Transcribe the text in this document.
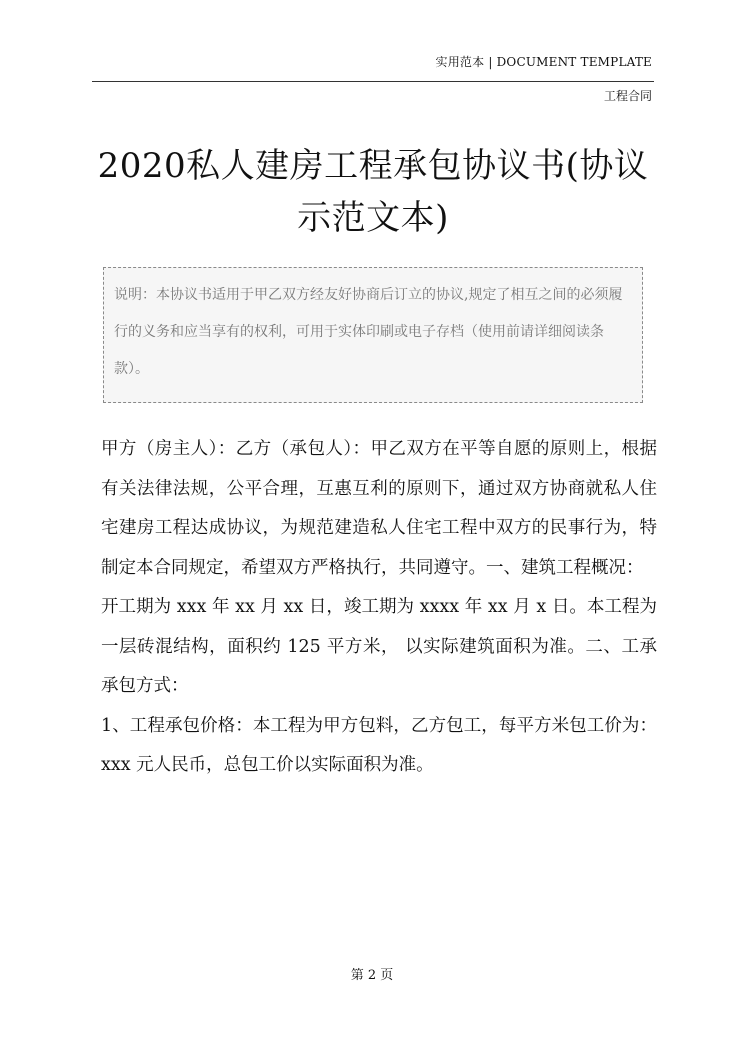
实用范本 | DOCUMENT TEMPLATE
工程合同
2020私人建房工程承包协议书(协议示范文本)
说明：本协议书适用于甲乙双方经友好协商后订立的协议,规定了相互之间的必须履行的义务和应当享有的权利，可用于实体印刷或电子存档（使用前请详细阅读条款）。

甲方（房主人）：乙方（承包人）：甲乙双方在平等自愿的原则上，根据有关法律法规，公平合理，互惠互利的原则下，通过双方协商就私人住宅建房工程达成协议，为规范建造私人住宅工程中双方的民事行为，特制定本合同规定，希望双方严格执行，共同遵守。一、建筑工程概况：

开工期为 xxx 年 xx 月 xx 日，竣工期为 xxxx 年 xx 月 x 日。本工程为一层砖混结构，面积约 125 平方米， 以实际建筑面积为准。二、工承承包方式：

1、工程承包价格：本工程为甲方包料，乙方包工，每平方米包工价为：xxx 元人民币，总包工价以实际面积为准。

第 2 页
